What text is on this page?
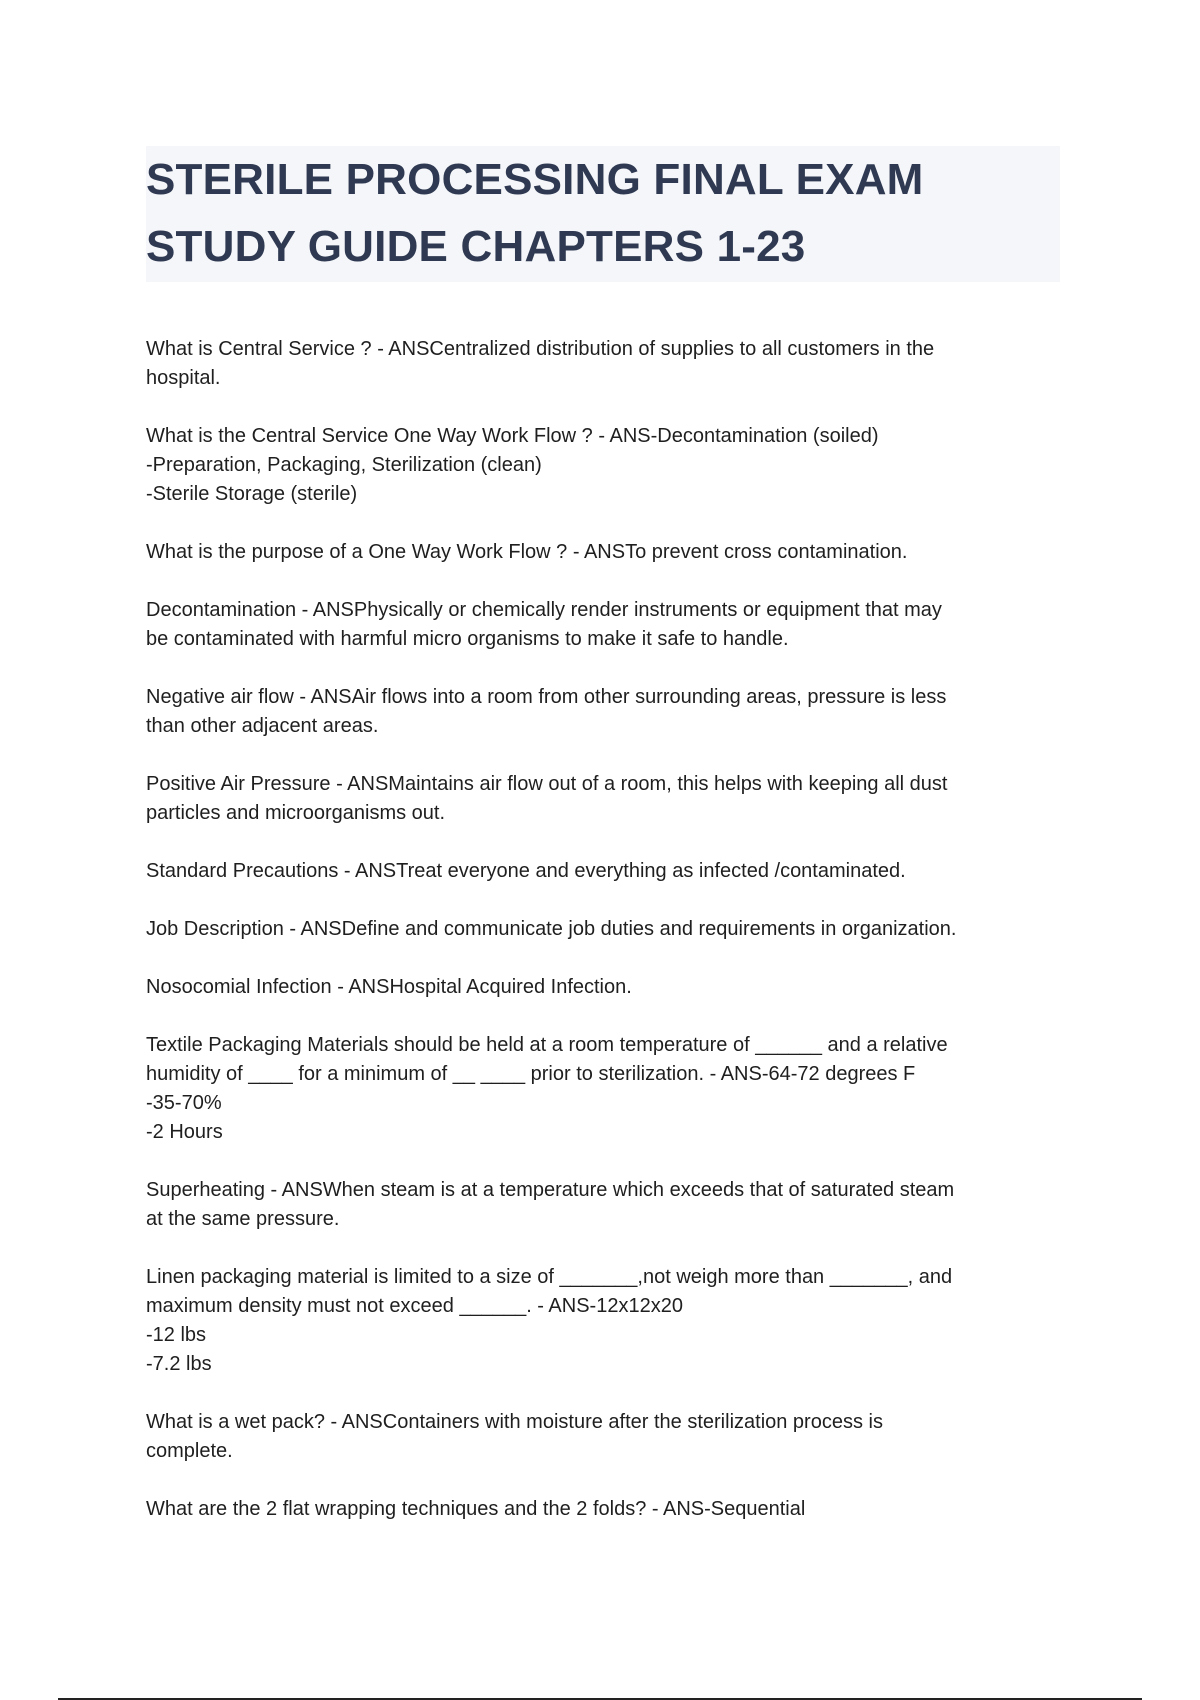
STERILE PROCESSING FINAL EXAM
STUDY GUIDE CHAPTERS 1-23

What is Central Service ? - ANSCentralized distribution of supplies to all customers in the
hospital.

What is the Central Service One Way Work Flow ? - ANS-Decontamination (soiled)
-Preparation, Packaging, Sterilization (clean)
-Sterile Storage (sterile)

What is the purpose of a One Way Work Flow ? - ANSTo prevent cross contamination.

Decontamination - ANSPhysically or chemically render instruments or equipment that may
be contaminated with harmful micro organisms to make it safe to handle.

Negative air flow - ANSAir flows into a room from other surrounding areas, pressure is less
than other adjacent areas.

Positive Air Pressure - ANSMaintains air flow out of a room, this helps with keeping all dust
particles and microorganisms out.

Standard Precautions - ANSTreat everyone and everything as infected /contaminated.

Job Description - ANSDefine and communicate job duties and requirements in organization.

Nosocomial Infection - ANSHospital Acquired Infection.

Textile Packaging Materials should be held at a room temperature of ______ and a relative
humidity of ____ for a minimum of __ ____ prior to sterilization. - ANS-64-72 degrees F
-35-70%
-2 Hours

Superheating - ANSWhen steam is at a temperature which exceeds that of saturated steam
at the same pressure.

Linen packaging material is limited to a size of _______,not weigh more than _______, and
maximum density must not exceed ______. - ANS-12x12x20
-12 lbs
-7.2 lbs

What is a wet pack? - ANSContainers with moisture after the sterilization process is
complete.

What are the 2 flat wrapping techniques and the 2 folds? - ANS-Sequential
